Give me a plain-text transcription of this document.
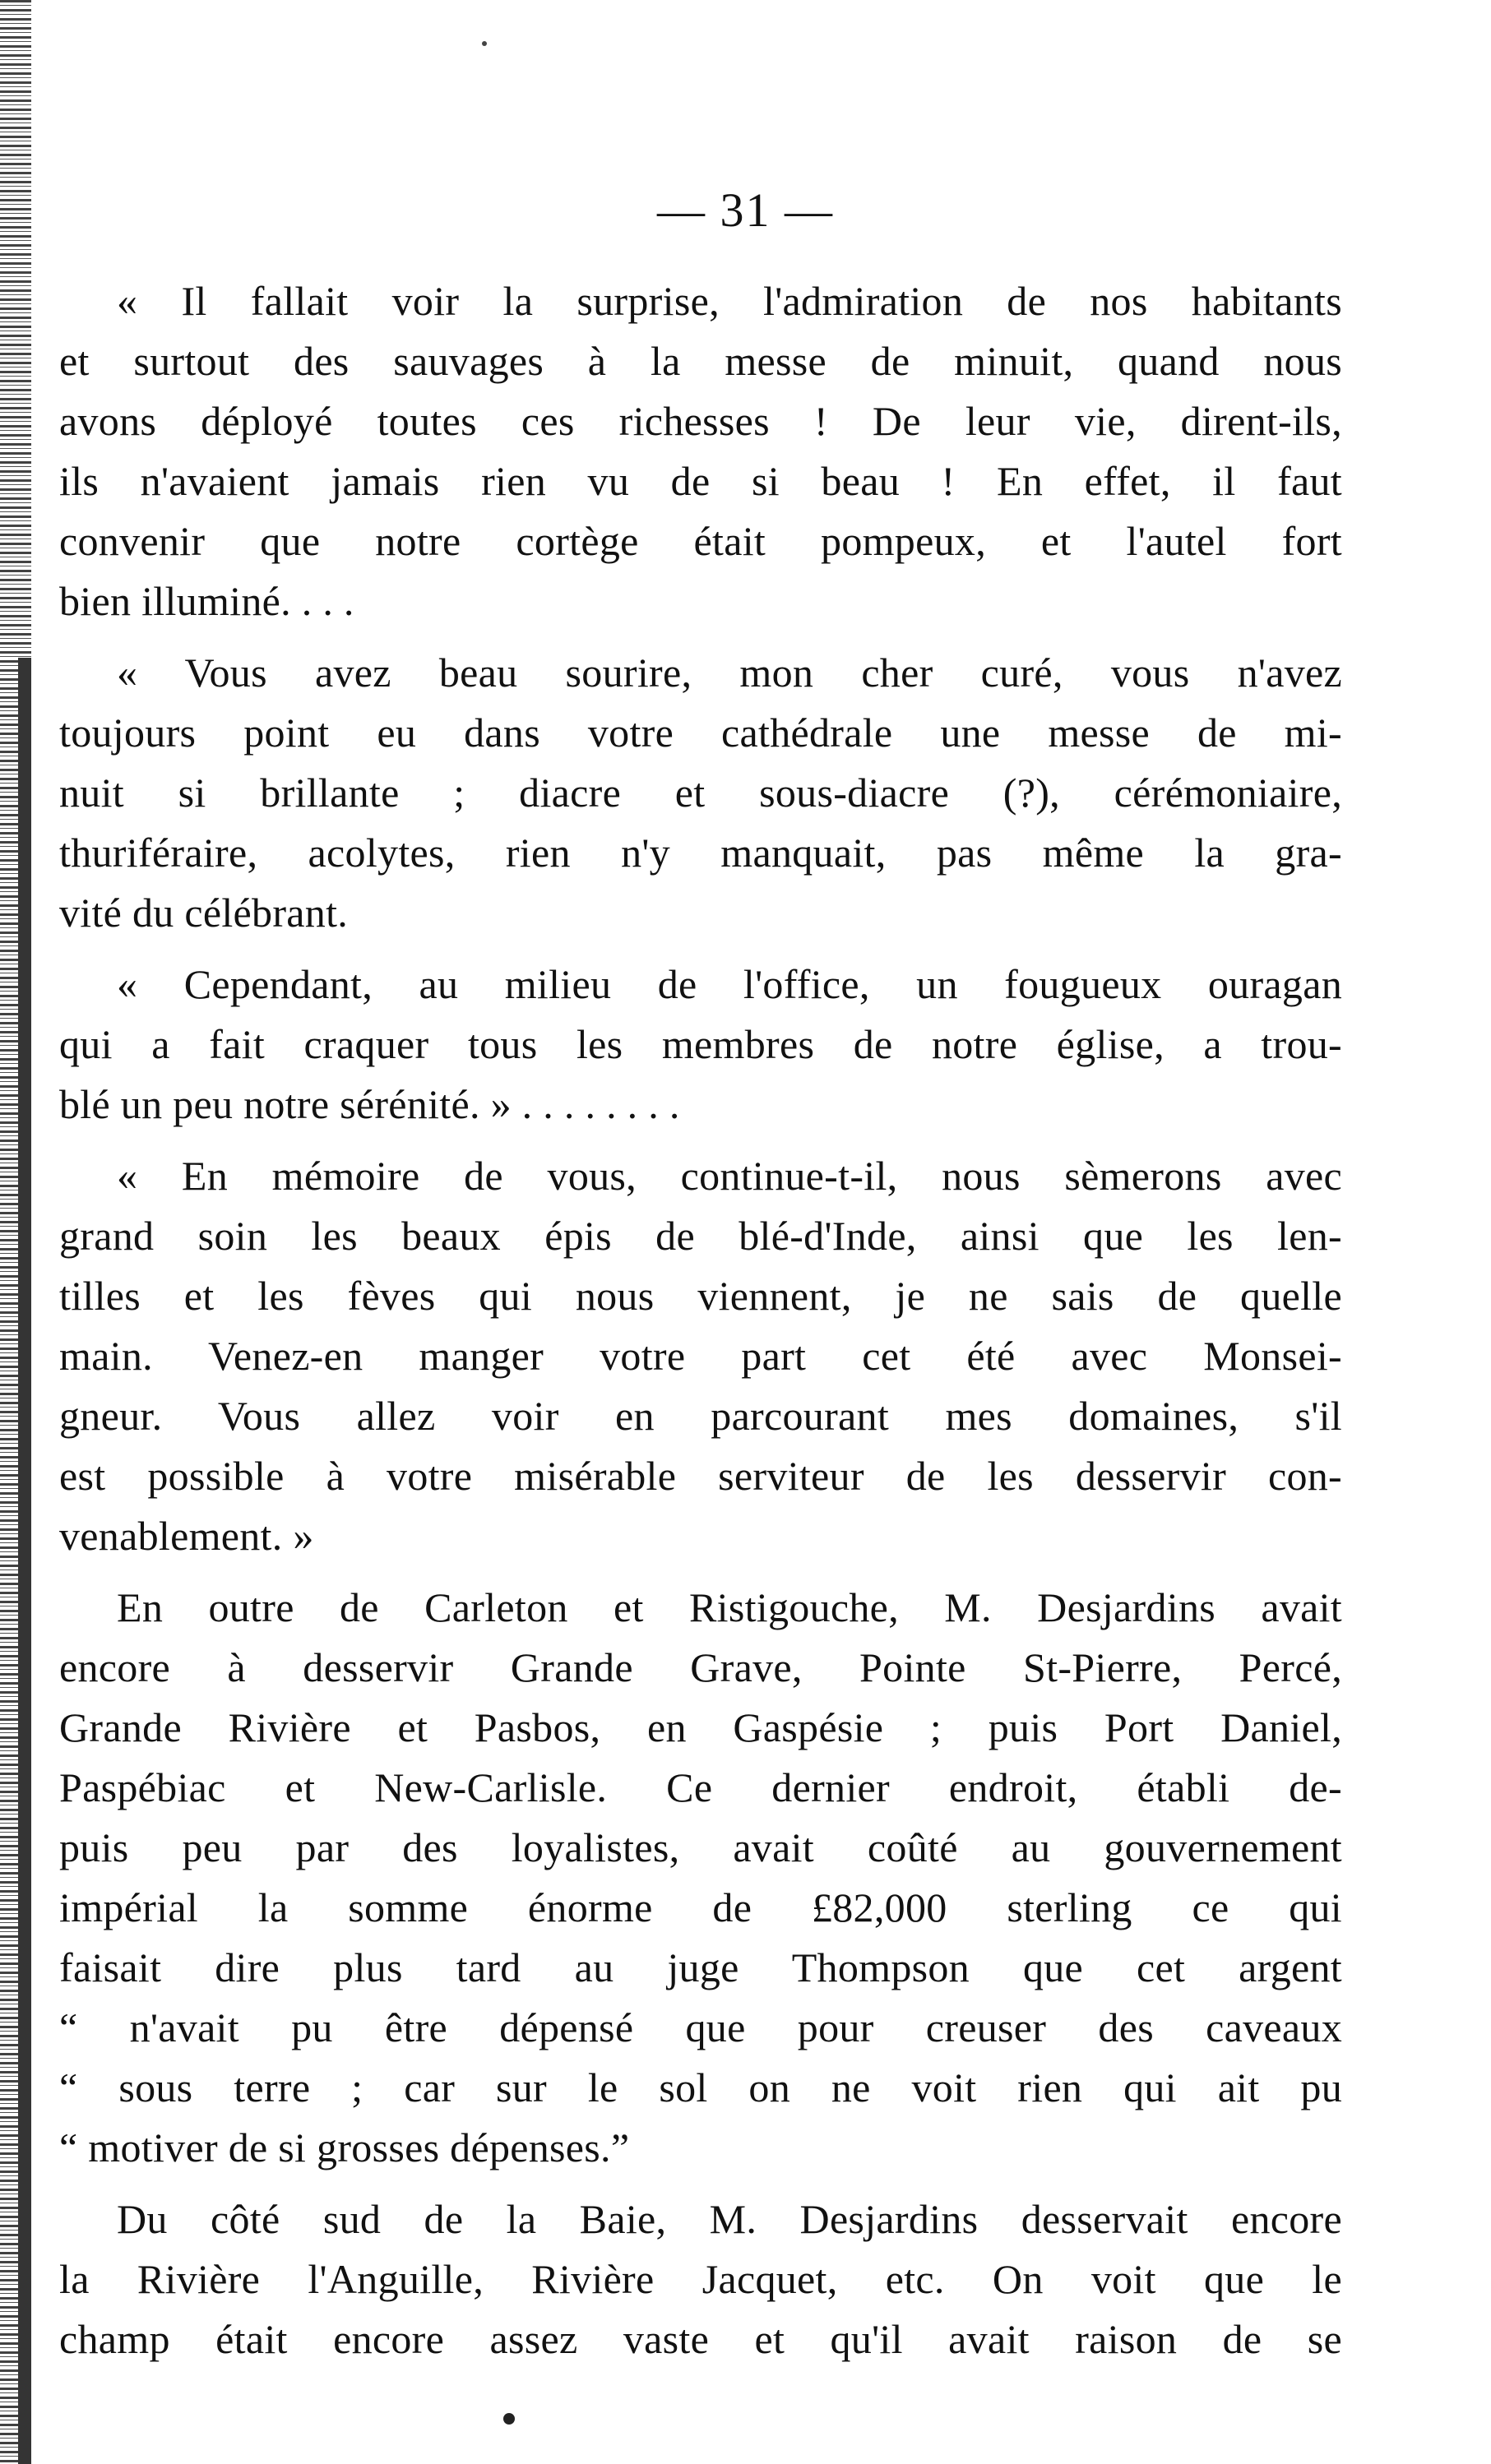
— 31 —

« Il fallait voir la surprise, l'admiration de nos habitants
et surtout des sauvages à la messe de minuit, quand nous
avons déployé toutes ces richesses ! De leur vie, dirent-ils,
ils n'avaient jamais rien vu de si beau ! En effet, il faut
convenir que notre cortège était pompeux, et l'autel fort
bien illuminé. . . .

« Vous avez beau sourire, mon cher curé, vous n'avez
toujours point eu dans votre cathédrale une messe de mi-
nuit si brillante ; diacre et sous-diacre (?), cérémoniaire,
thuriféraire, acolytes, rien n'y manquait, pas même la gra-
vité du célébrant.

« Cependant, au milieu de l'office, un fougueux ouragan
qui a fait craquer tous les membres de notre église, a trou-
blé un peu notre sérénité. » . . . . . . . .

« En mémoire de vous, continue-t-il, nous sèmerons avec
grand soin les beaux épis de blé-d'Inde, ainsi que les len-
tilles et les fèves qui nous viennent, je ne sais de quelle
main. Venez-en manger votre part cet été avec Monsei-
gneur. Vous allez voir en parcourant mes domaines, s'il
est possible à votre misérable serviteur de les desservir con-
venablement. »

En outre de Carleton et Ristigouche, M. Desjardins avait
encore à desservir Grande Grave, Pointe St-Pierre, Percé,
Grande Rivière et Pasbos, en Gaspésie ; puis Port Daniel,
Paspébiac et New-Carlisle. Ce dernier endroit, établi de-
puis peu par des loyalistes, avait coûté au gouvernement
impérial la somme énorme de £82,000 sterling ce qui
faisait dire plus tard au juge Thompson que cet argent
“ n'avait pu être dépensé que pour creuser des caveaux
“ sous terre ; car sur le sol on ne voit rien qui ait pu
“ motiver de si grosses dépenses.”

Du côté sud de la Baie, M. Desjardins desservait encore
la Rivière l'Anguille, Rivière Jacquet, etc. On voit que le
champ était encore assez vaste et qu'il avait raison de se
